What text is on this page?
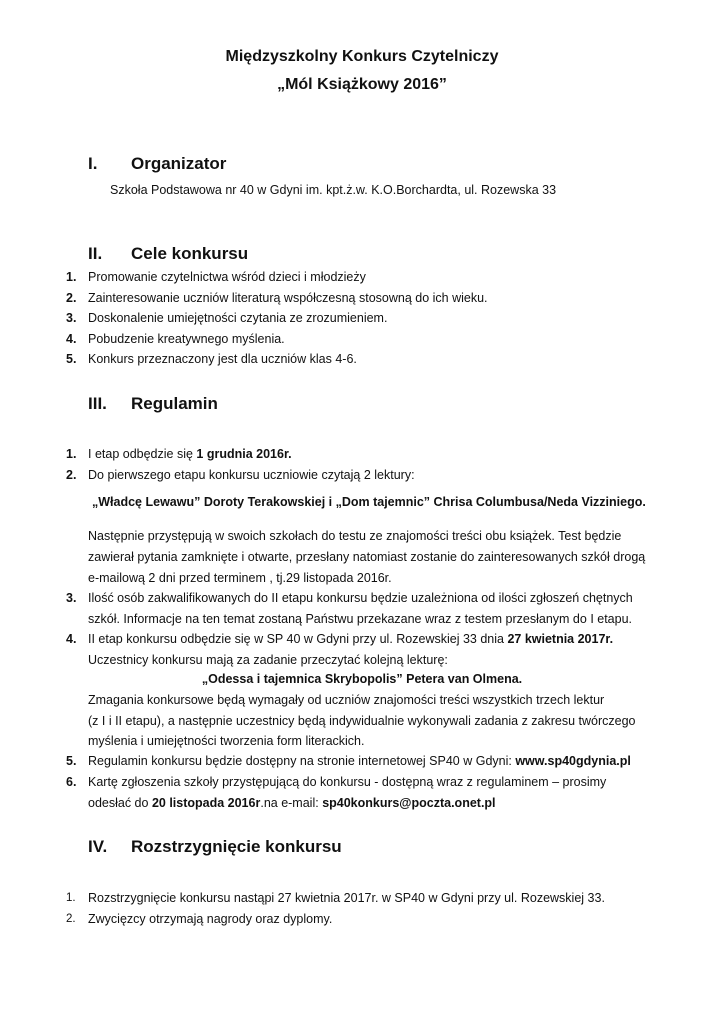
Międzyszkolny Konkurs Czytelniczy
„Mól Książkowy 2016”
I. Organizator
Szkoła Podstawowa nr 40 w Gdyni im. kpt.ż.w. K.O.Borchardta, ul. Rozewska 33
II. Cele konkursu
1. Promowanie czytelnictwa wśród dzieci i młodzieży
2. Zainteresowanie uczniów literaturą współczesną stosowną do ich wieku.
3. Doskonalenie umiejętności czytania ze zrozumieniem.
4. Pobudzenie kreatywnego myślenia.
5. Konkurs przeznaczony jest dla uczniów klas 4-6.
III. Regulamin
1. I etap odbędzie się 1 grudnia 2016r.
2. Do pierwszego etapu konkursu uczniowie czytają 2 lektury:
„Władcę Lewawu” Doroty Terakowskiej i „Dom tajemnic” Chrisa Columbusa/Neda Vizziniego.
Następnie przystępują w swoich szkołach do testu ze znajomości treści obu książek. Test będzie
zawierał pytania zamknięte i otwarte, przesłany natomiast zostanie do zainteresowanych szkół drogą
e-mailową 2 dni przed terminem , tj.29 listopada 2016r.
3. Ilość osób zakwalifikowanych do II etapu konkursu będzie uzależniona od ilości zgłoszeń chętnych
szkół. Informacje na ten temat zostaną Państwu przekazane wraz z testem przesłanym do I etapu.
4. II etap konkursu odbędzie się w SP 40 w Gdyni przy ul. Rozewskiej 33 dnia 27 kwietnia 2017r.
Uczestnicy konkursu mają za zadanie przeczytać kolejną lekturę:
„Odessa i tajemnica Skrybopolis” Petera van Olmena.
Zmagania konkursowe będą wymagały od uczniów znajomości treści wszystkich trzech lektur
(z I i II etapu), a następnie uczestnicy będą indywidualnie wykonywali zadania z zakresu twórczego
myślenia i umiejętności tworzenia form literackich.
5. Regulamin konkursu będzie dostępny na stronie internetowej SP40 w Gdyni: www.sp40gdynia.pl
6. Kartę zgłoszenia szkoły przystępującą do konkursu - dostępną wraz z regulaminem – prosimy
odesłać do 20 listopada 2016r.na e-mail: sp40konkurs@poczta.onet.pl
IV. Rozstrzygnięcie konkursu
1. Rozstrzygnięcie konkursu nastąpi 27 kwietnia 2017r. w SP40 w Gdyni przy ul. Rozewskiej 33.
2. Zwycięzcy otrzymają nagrody oraz dyplomy.
